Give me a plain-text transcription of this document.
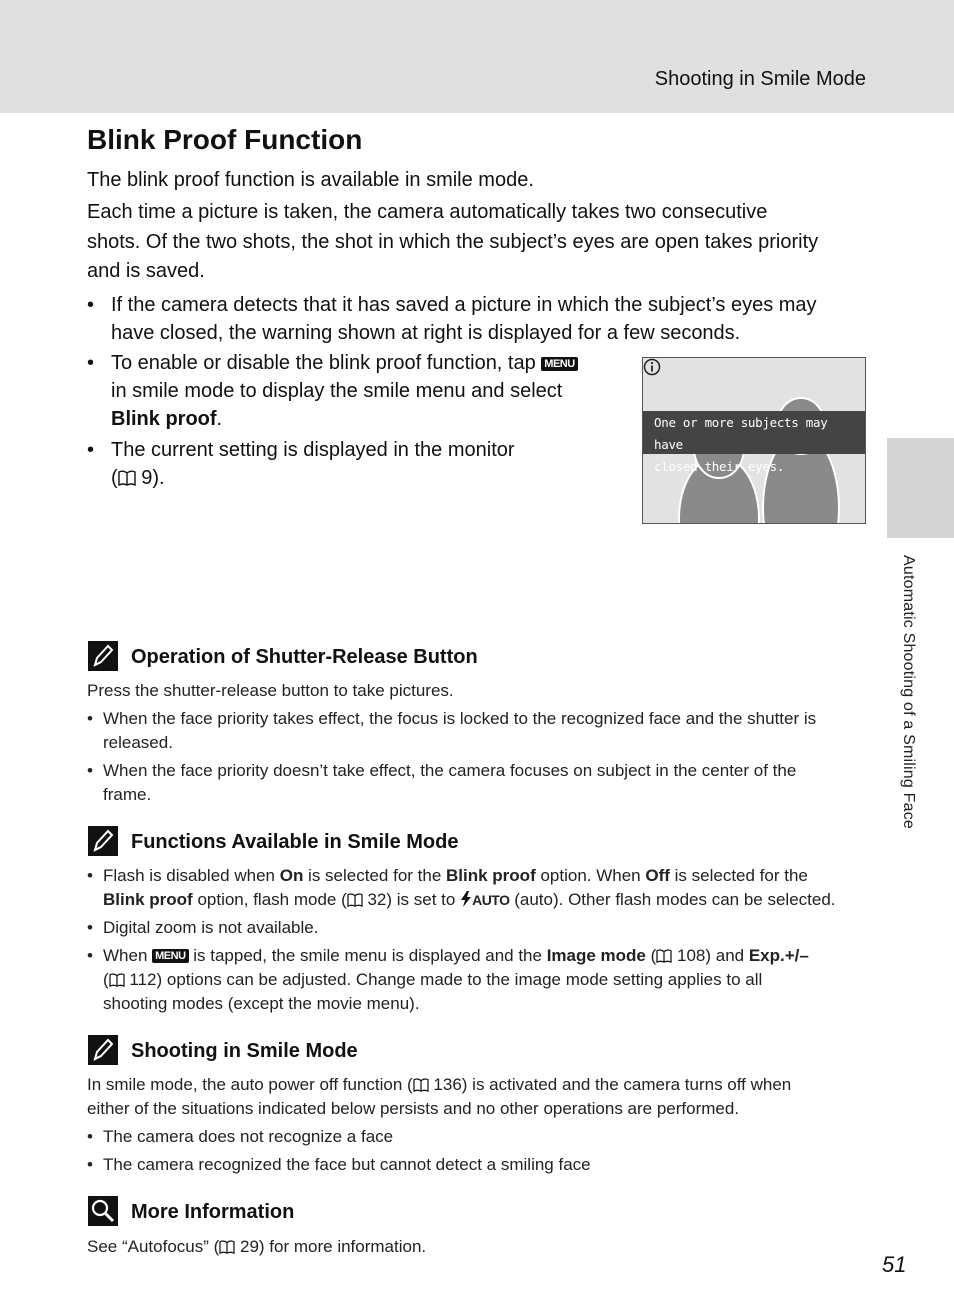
Shooting in Smile Mode
Automatic Shooting of a Smiling Face
Blink Proof Function
The blink proof function is available in smile mode.
Each time a picture is taken, the camera automatically takes two consecutive
shots. Of the two shots, the shot in which the subject’s eyes are open takes priority
and is saved.
• If the camera detects that it has saved a picture in which the subject’s eyes may
have closed, the warning shown at right is displayed for a few seconds.
• To enable or disable the blink proof function, tap MENU
in smile mode to display the smile menu and select
Blink proof.
• The current setting is displayed in the monitor
( 9).
One or more subjects may have
closed their eyes.
Operation of Shutter-Release Button
Press the shutter-release button to take pictures.
• When the face priority takes effect, the focus is locked to the recognized face and the shutter is
released.
• When the face priority doesn’t take effect, the camera focuses on subject in the center of the
frame.
Functions Available in Smile Mode
• Flash is disabled when On is selected for the Blink proof option. When Off is selected for the
Blink proof option, flash mode ( 32) is set to AUTO (auto). Other flash modes can be selected.
• Digital zoom is not available.
• When MENU is tapped, the smile menu is displayed and the Image mode ( 108) and Exp.+/–
( 112) options can be adjusted. Change made to the image mode setting applies to all
shooting modes (except the movie menu).
Shooting in Smile Mode
In smile mode, the auto power off function ( 136) is activated and the camera turns off when
either of the situations indicated below persists and no other operations are performed.
• The camera does not recognize a face
• The camera recognized the face but cannot detect a smiling face
More Information
See “Autofocus” ( 29) for more information.
51
